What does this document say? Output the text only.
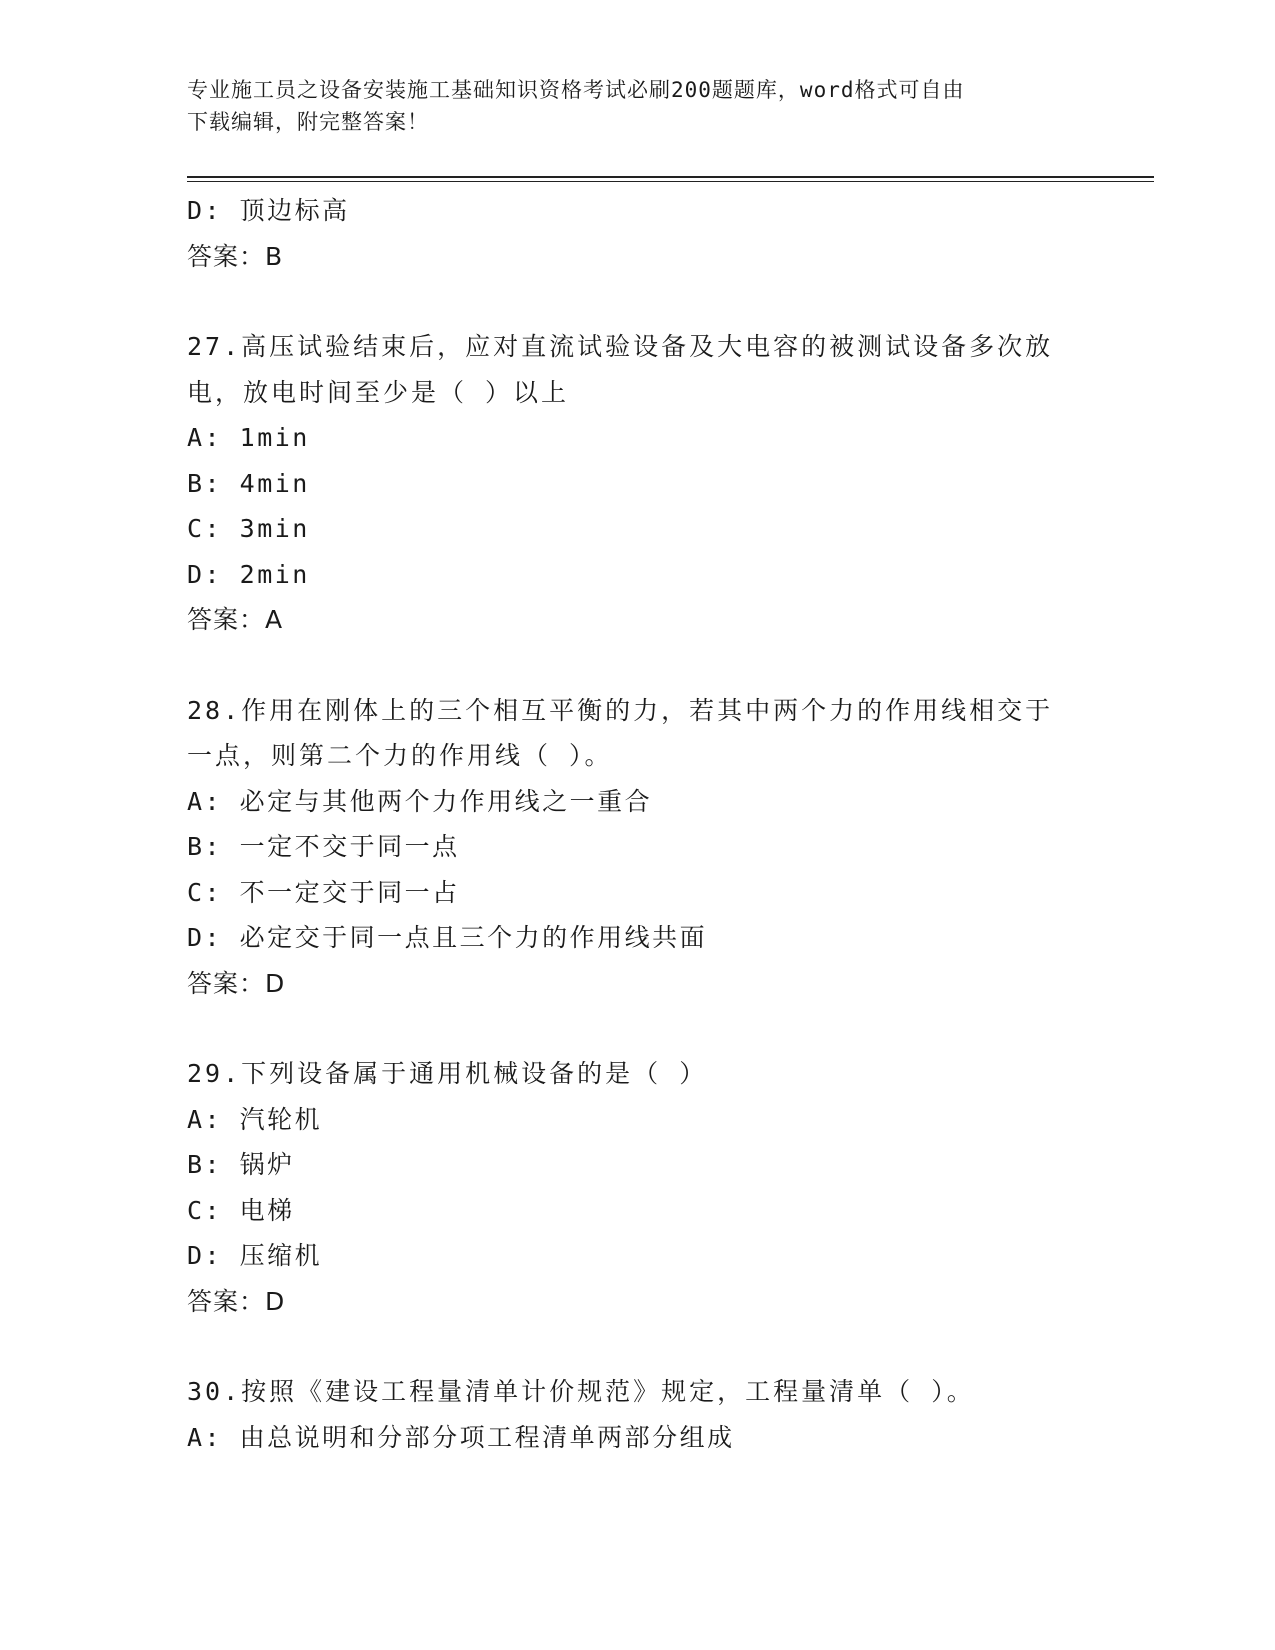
专业施工员之设备安装施工基础知识资格考试必刷200题题库，word格式可自由
下载编辑，附完整答案！
D: 顶边标高
答案：B
27.高压试验结束后，应对直流试验设备及大电容的被测试设备多次放
电，放电时间至少是（ ）以上
A: 1min
B: 4min
C: 3min
D: 2min
答案：A
28.作用在刚体上的三个相互平衡的力，若其中两个力的作用线相交于
一点，则第二个力的作用线（ ）。
A: 必定与其他两个力作用线之一重合
B: 一定不交于同一点
C: 不一定交于同一占
D: 必定交于同一点且三个力的作用线共面
答案：D
29.下列设备属于通用机械设备的是（ ）
A: 汽轮机
B: 锅炉
C: 电梯
D: 压缩机
答案：D
30.按照《建设工程量清单计价规范》规定，工程量清单（ ）。
A: 由总说明和分部分项工程清单两部分组成
